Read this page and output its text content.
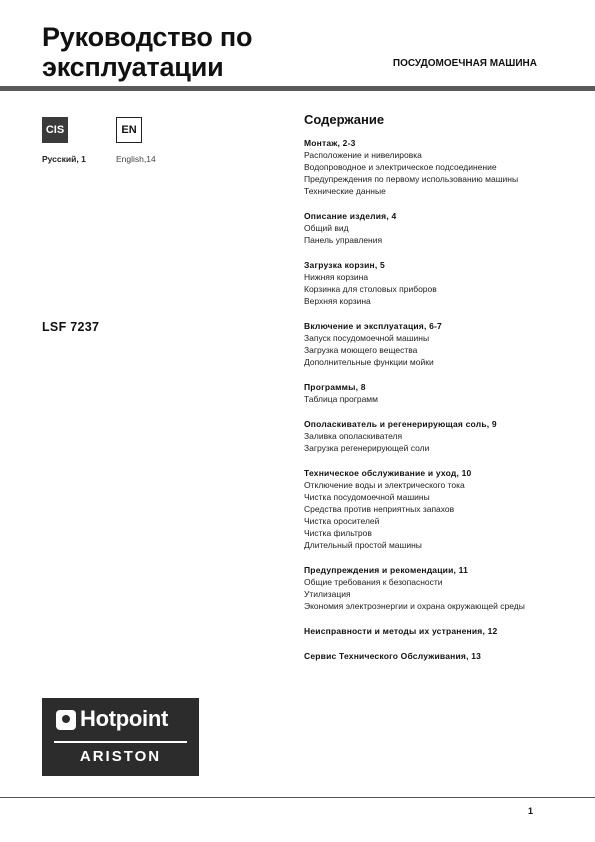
Руководство по
эксплуатации	ПОСУДОМОЕЧНАЯ МАШИНА
CIS	EN
Русский, 1	English,14
LSF 7237
Содержание
Монтаж, 2-3
Расположение и нивелировка
Водопроводное и электрическое подсоединение
Предупреждения по первому использованию машины
Технические данные
Описание изделия, 4
Общий вид
Панель управления
Загрузка корзин, 5
Нижняя корзина
Корзинка для столовых приборов
Верхняя корзина
Включение и эксплуатация, 6-7
Запуск посудомоечной машины
Загрузка моющего вещества
Дополнительные функции мойки
Программы, 8
Таблица программ
Ополаскиватель и регенерирующая соль, 9
Заливка ополаскивателя
Загрузка регенерирующей соли
Техническое обслуживание и уход, 10
Отключение воды и электрического тока
Чистка посудомоечной машины
Средства против неприятных запахов
Чистка оросителей
Чистка фильтров
Длительный простой машины
Предупреждения и рекомендации, 11
Общие требования к безопасности
Утилизация
Экономия электроэнергии и охрана окружающей среды
Неисправности и методы их устранения, 12
Сервис Технического Обслуживания, 13
Hotpoint
ARISTON
1
